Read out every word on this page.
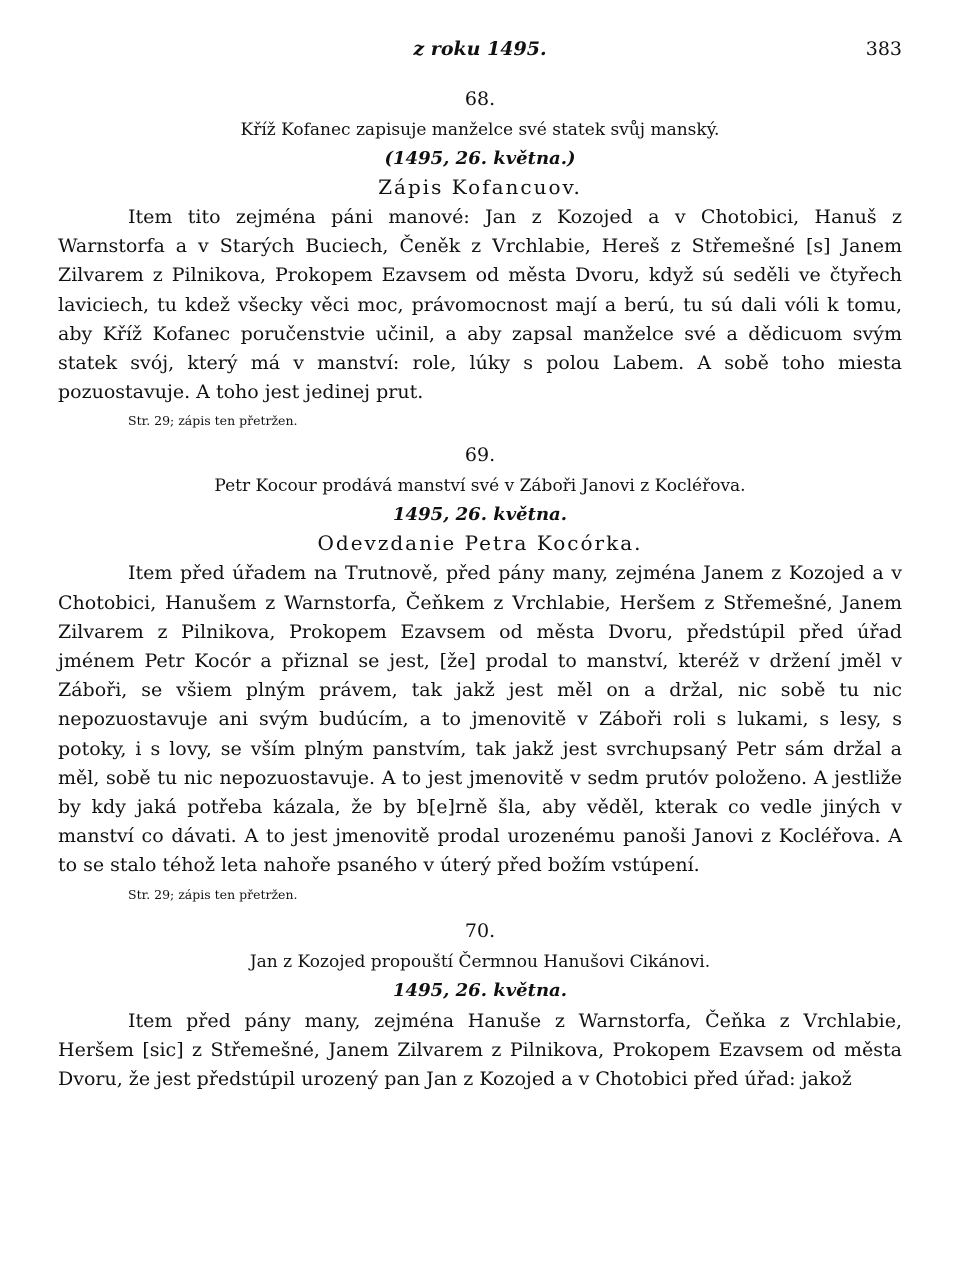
z roku 1495.	383
68.
Kříž Kofanec zapisuje manželce své statek svůj manský.
(1495, 26. května.)
Zápis Kofancuov.

Item tito zejména páni manové: Jan z Kozojed a v Chotobici, Hanuš z Warnstorfa a v Starých Buciech, Čeněk z Vrchlabie, Hereš z Střemešné [s] Janem Zilvarem z Pilnikova, Prokopem Ezavsem od města Dvoru, když sú seděli ve čtyřech laviciech, tu kdež všecky věci moc, právomocnost mají a berú, tu sú dali vóli k tomu, aby Kříž Kofanec poručenstvie učinil, a aby zapsal manželce své a dědicuom svým statek svój, který má v manství: role, lúky s polou Labem. A sobě toho miesta pozuostavuje. A toho jest jedinej prut.

Str. 29; zápis ten přetržen.
69.
Petr Kocour prodává manství své v Záboři Janovi z Kocléřova.
1495, 26. května.
Odevzdanie Petra Kocórka.

Item před úřadem na Trutnově, před pány many, zejména Janem z Kozojed a v Chotobici, Hanušem z Warnstorfa, Čeňkem z Vrchlabie, Heršem z Střemešné, Janem Zilvarem z Pilnikova, Prokopem Ezavsem od města Dvoru, předstúpil před úřad jménem Petr Kocór a přiznal se jest, [že] prodal to manství, kteréž v držení jměl v Záboři, se všiem plným právem, tak jakž jest měl on a držal, nic sobě tu nic nepozuostavuje ani svým budúcím, a to jmenovitě v Záboři roli s lukami, s lesy, s potoky, i s lovy, se vším plným panstvím, tak jakž jest svrchupsaný Petr sám držal a měl, sobě tu nic nepozuostavuje. A to jest jmenovitě v sedm prutóv položeno. A jestliže by kdy jaká potřeba kázala, že by b[e]rně šla, aby věděl, kterak co vedle jiných v manství co dávati. A to jest jmenovitě prodal urozenému panoši Janovi z Kocléřova. A to se stalo téhož leta nahoře psaného v úterý před božím vstúpení.

Str. 29; zápis ten přetržen.
70.
Jan z Kozojed propouští Čermnou Hanušovi Cikánovi.
1495, 26. května.

Item před pány many, zejména Hanuše z Warnstorfa, Čeňka z Vrchlabie, Heršem [sic] z Střemešné, Janem Zilvarem z Pilnikova, Prokopem Ezavsem od města Dvoru, že jest předstúpil urozený pan Jan z Kozojed a v Chotobici před úřad: jakož
